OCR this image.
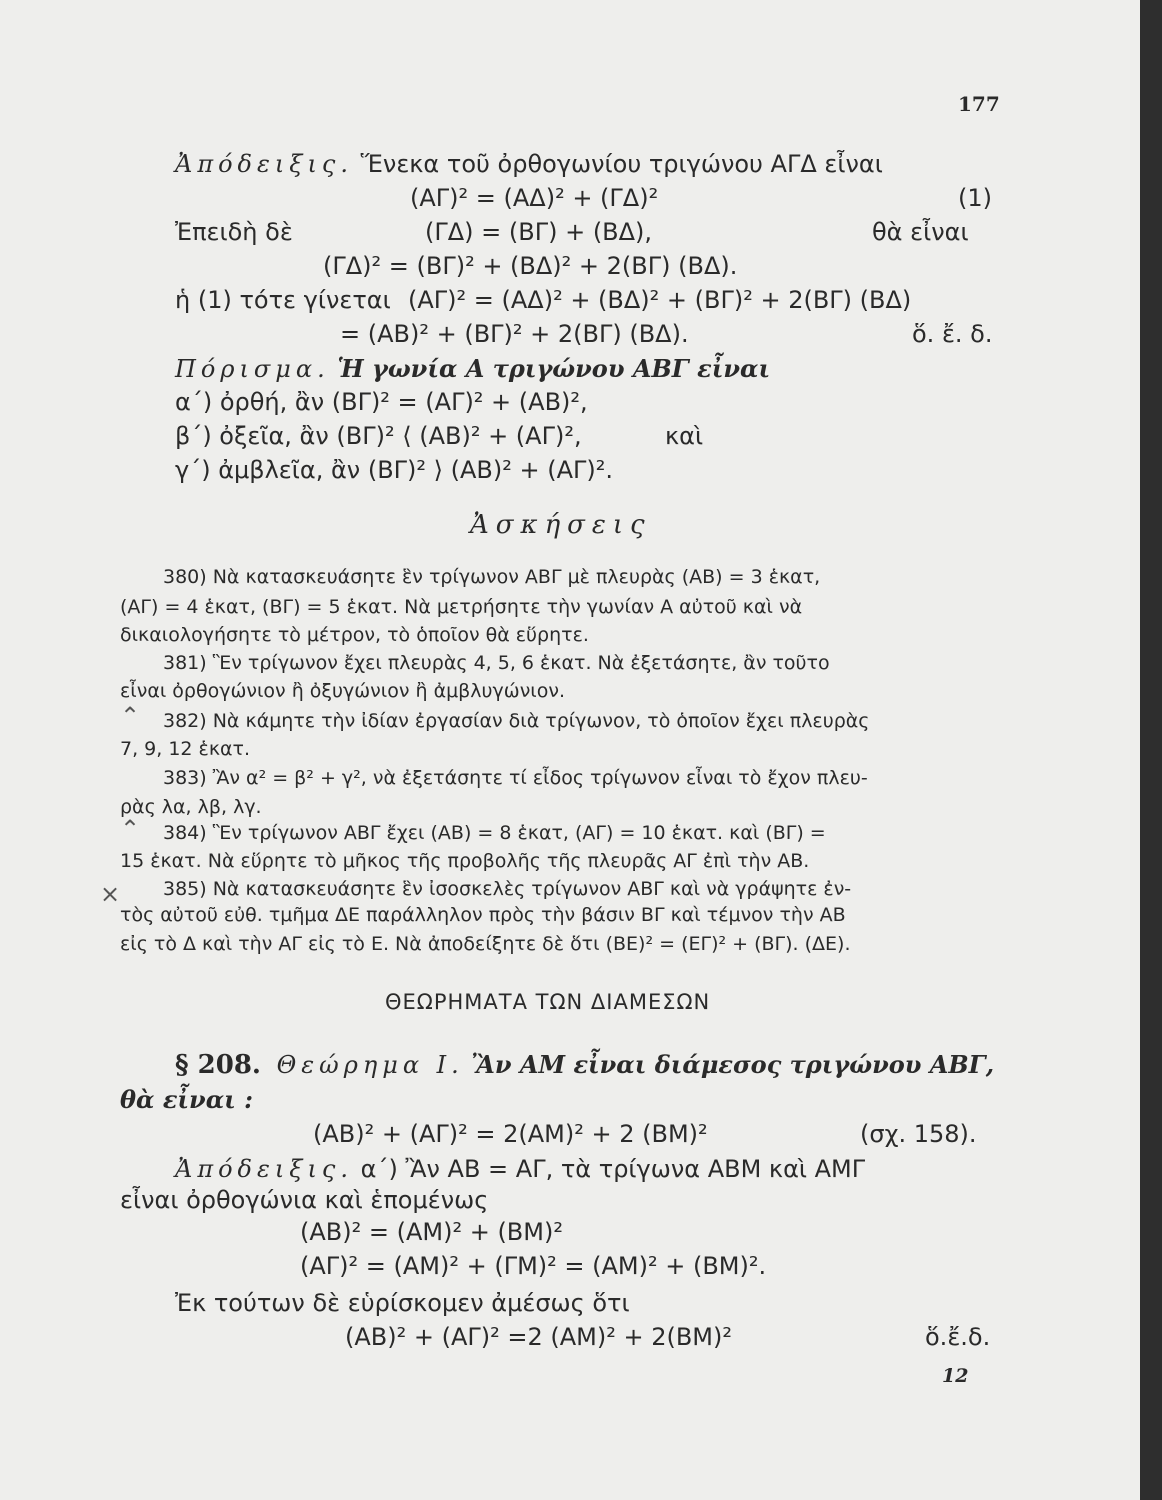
177
Ἀπόδειξις. Ἕνεκα τοῦ ὀρθογωνίου τριγώνου ΑΓΔ εἶναι
(ΑΓ)² = (ΑΔ)² + (ΓΔ)²	(1)
Ἐπειδὴ δὲ	(ΓΔ) = (ΒΓ) + (ΒΔ),	θὰ εἶναι
(ΓΔ)² = (ΒΓ)² + (ΒΔ)² + 2(ΒΓ) (ΒΔ).
ἡ (1) τότε γίνεται (ΑΓ)² = (ΑΔ)² + (ΒΔ)² + (ΒΓ)² + 2(ΒΓ) (ΒΔ)
= (ΑΒ)² + (ΒΓ)² + 2(ΒΓ) (ΒΔ).	ὅ. ἔ. δ.
Πόρισμα. Ἡ γωνία Α τριγώνου ΑΒΓ εἶναι
α΄) ὀρθή, ἂν (ΒΓ)² = (ΑΓ)² + (ΑΒ)²,
β΄) ὀξεῖα, ἂν (ΒΓ)² ⟨ (ΑΒ)² + (ΑΓ)²,	καὶ
γ΄) ἀμβλεῖα, ἂν (ΒΓ)² ⟩ (ΑΒ)² + (ΑΓ)².
Ἀσκήσεις
380) Νὰ κατασκευάσητε ἓν τρίγωνον ΑΒΓ μὲ πλευρὰς (ΑΒ) = 3 ἑκατ,
(ΑΓ) = 4 ἑκατ, (ΒΓ) = 5 ἑκατ. Νὰ μετρήσητε τὴν γωνίαν Α αὐτοῦ καὶ νὰ
δικαιολογήσητε τὸ μέτρον, τὸ ὁποῖον θὰ εὕρητε.
381) Ἓν τρίγωνον ἔχει πλευρὰς 4, 5, 6 ἑκατ. Νὰ ἐξετάσητε, ἂν τοῦτο
εἶναι ὀρθογώνιον ἢ ὀξυγώνιον ἢ ἀμβλυγώνιον.
382) Νὰ κάμητε τὴν ἰδίαν ἐργασίαν διὰ τρίγωνον, τὸ ὁποῖον ἔχει πλευρὰς
7, 9, 12 ἑκατ.
383) Ἂν α² = β² + γ², νὰ ἐξετάσητε τί εἶδος τρίγωνον εἶναι τὸ ἔχον πλευ-
ρὰς λα, λβ, λγ.
384) Ἓν τρίγωνον ΑΒΓ ἔχει (ΑΒ) = 8 ἑκατ, (ΑΓ) = 10 ἑκατ. καὶ (ΒΓ) =
15 ἑκατ. Νὰ εὕρητε τὸ μῆκος τῆς προβολῆς τῆς πλευρᾶς ΑΓ ἐπὶ τὴν ΑΒ.
385) Νὰ κατασκευάσητε ἓν ἰσοσκελὲς τρίγωνον ΑΒΓ καὶ νὰ γράψητε ἐν-
τὸς αὐτοῦ εὐθ. τμῆμα ΔΕ παράλληλον πρὸς τὴν βάσιν ΒΓ καὶ τέμνον τὴν ΑΒ
εἰς τὸ Δ καὶ τὴν ΑΓ εἰς τὸ Ε. Νὰ ἀποδείξητε δὲ ὅτι (ΒΕ)² = (ΕΓ)² + (ΒΓ). (ΔΕ).
⌃
⌃
×
ΘΕΩΡΗΜΑΤΑ ΤΩΝ ΔΙΑΜΕΣΩΝ
§ 208. Θεώρημα Ι. Ἂν ΑΜ εἶναι διάμεσος τριγώνου ΑΒΓ,
θὰ εἶναι :
(ΑΒ)² + (ΑΓ)² = 2(ΑΜ)² + 2 (ΒΜ)²	(σχ. 158).
Ἀπόδειξις. α΄) Ἂν ΑΒ = ΑΓ, τὰ τρίγωνα ΑΒΜ καὶ ΑΜΓ
εἶναι ὀρθογώνια καὶ ἑπομένως
(ΑΒ)² = (ΑΜ)² + (ΒΜ)²
(ΑΓ)² = (ΑΜ)² + (ΓΜ)² = (ΑΜ)² + (ΒΜ)².
Ἐκ τούτων δὲ εὑρίσκομεν ἀμέσως ὅτι
(ΑΒ)² + (ΑΓ)² =2 (ΑΜ)² + 2(ΒΜ)²	ὅ.ἔ.δ.
12
